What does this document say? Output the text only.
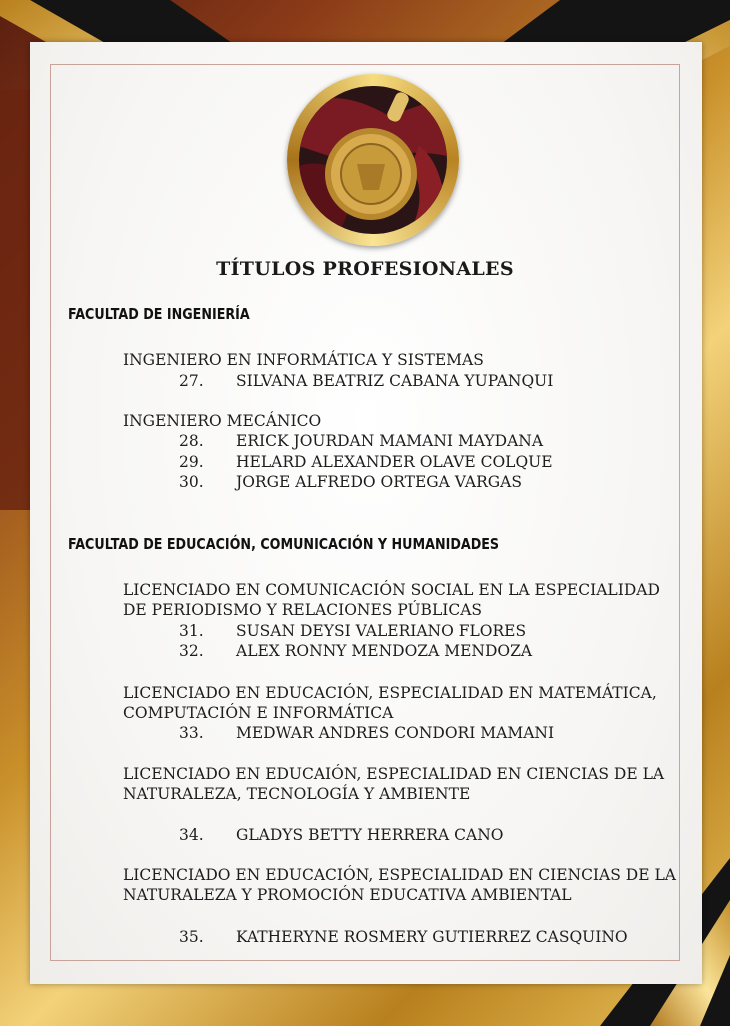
TÍTULOS PROFESIONALES
FACULTAD DE INGENIERÍA

INGENIERO EN INFORMÁTICA Y SISTEMAS

27. SILVANA BEATRIZ CABANA YUPANQUI

INGENIERO MECÁNICO

28. ERICK JOURDAN MAMANI MAYDANA
29. HELARD ALEXANDER OLAVE COLQUE
30. JORGE ALFREDO ORTEGA VARGAS
FACULTAD DE EDUCACIÓN, COMUNICACIÓN Y HUMANIDADES

LICENCIADO EN COMUNICACIÓN SOCIAL EN LA ESPECIALIDAD DE PERIODISMO Y RELACIONES PÚBLICAS

31. SUSAN DEYSI VALERIANO FLORES
32. ALEX RONNY MENDOZA MENDOZA

LICENCIADO EN EDUCACIÓN, ESPECIALIDAD EN MATEMÁTICA, COMPUTACIÓN E INFORMÁTICA

33. MEDWAR ANDRES CONDORI MAMANI

LICENCIADO EN EDUCAIÓN, ESPECIALIDAD EN CIENCIAS DE LA NATURALEZA, TECNOLOGÍA Y AMBIENTE

34. GLADYS BETTY HERRERA CANO

LICENCIADO EN EDUCACIÓN, ESPECIALIDAD EN CIENCIAS DE LA NATURALEZA Y PROMOCIÓN EDUCATIVA AMBIENTAL

35. KATHERYNE ROSMERY GUTIERREZ CASQUINO
